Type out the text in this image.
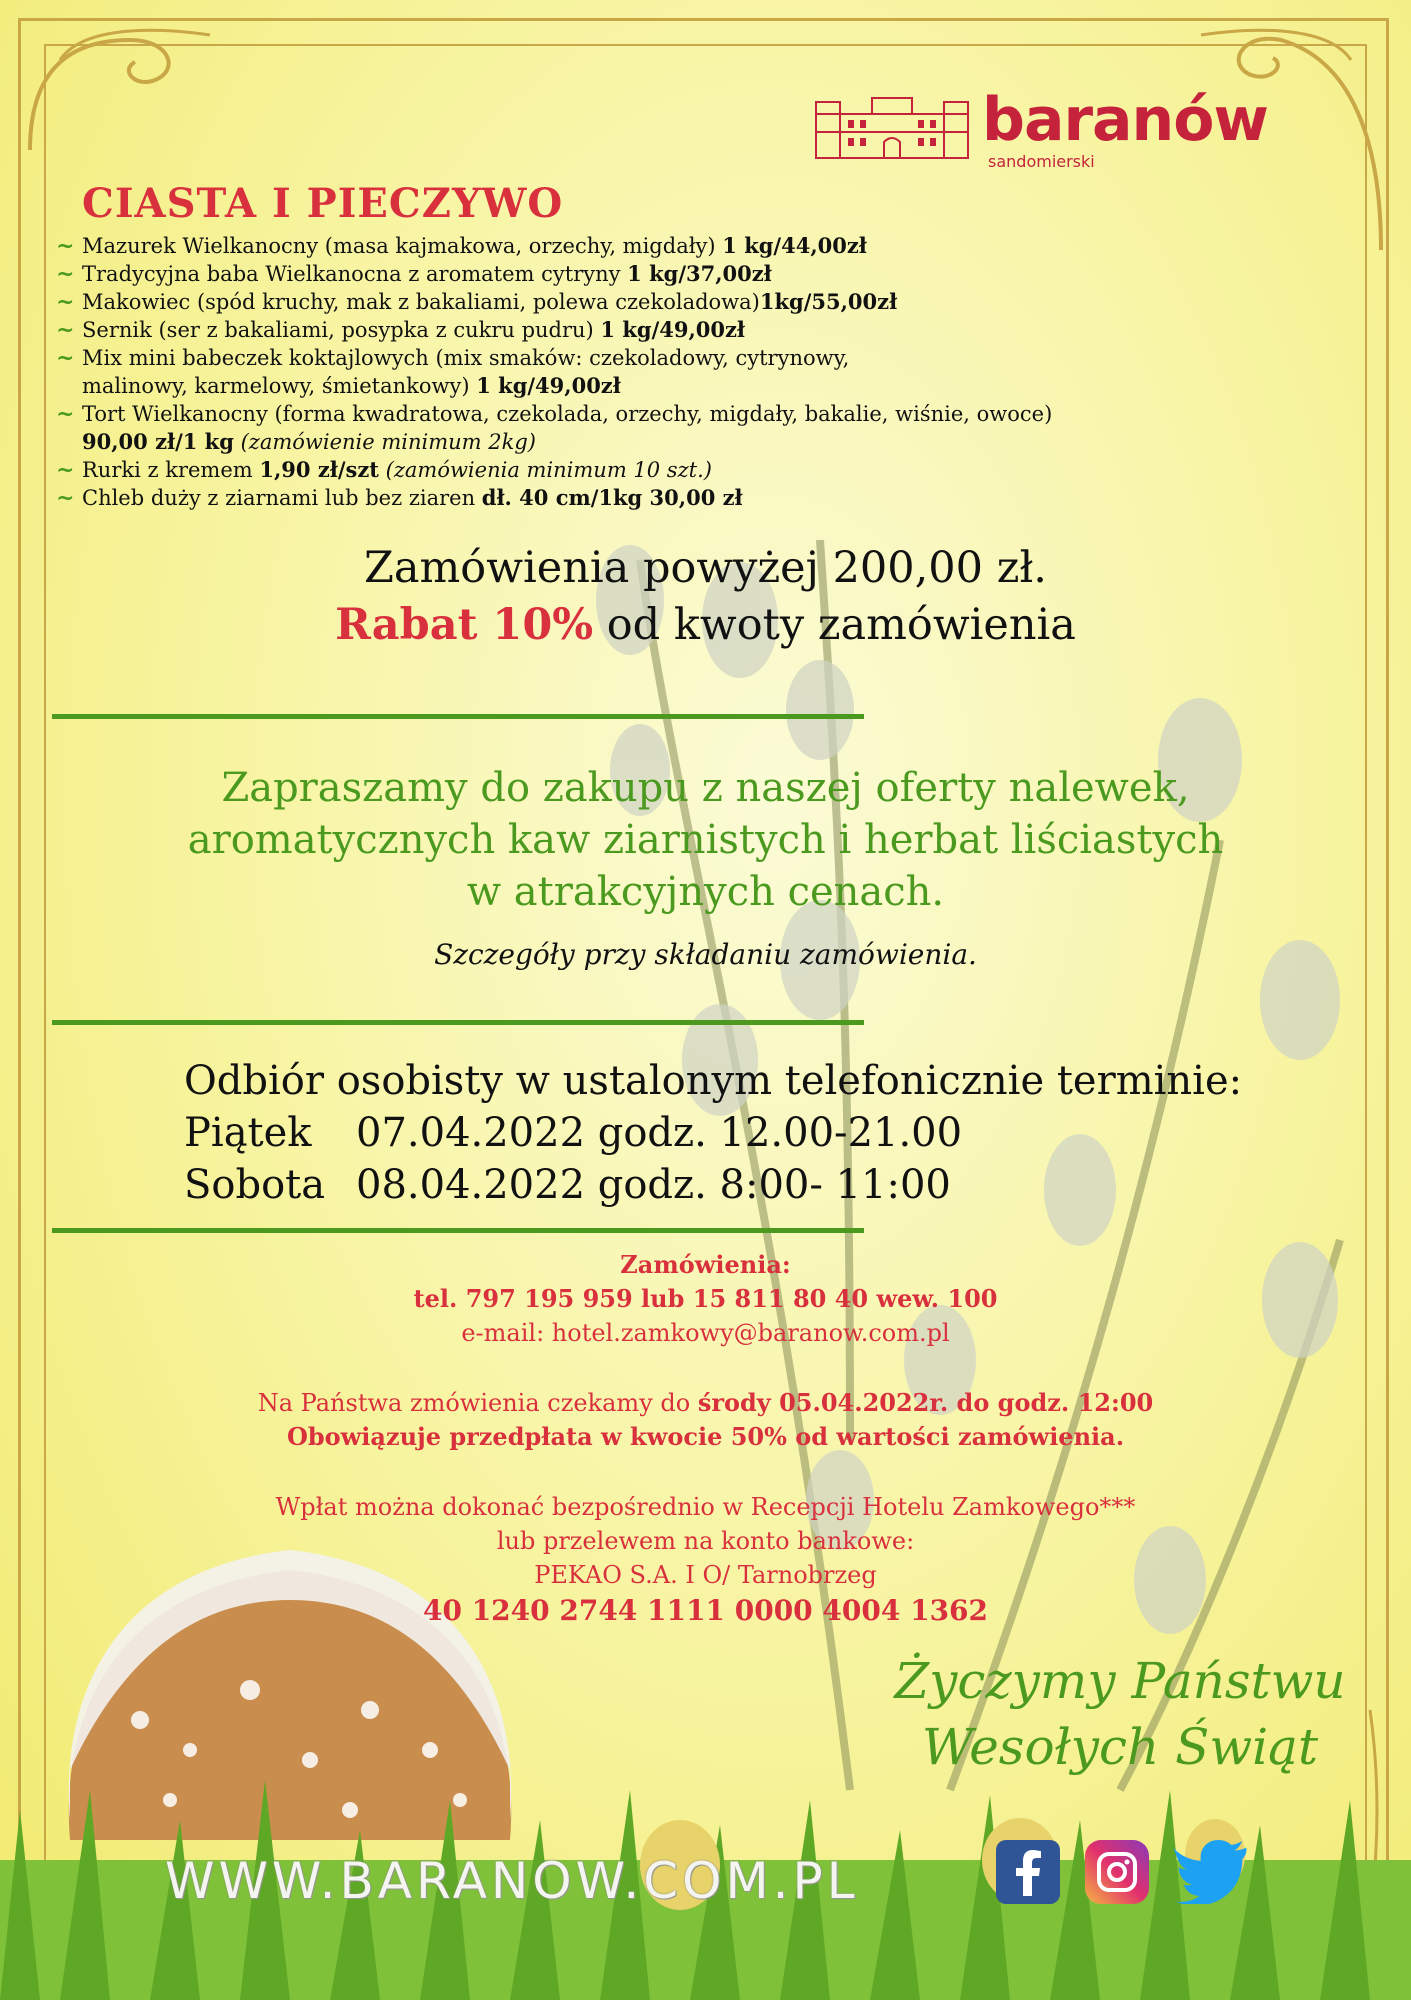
baranów
sandomierski
CIASTA I PIECZYWO
~ Mazurek Wielkanocny (masa kajmakowa, orzechy, migdały) 1 kg/44,00zł
~ Tradycyjna baba Wielkanocna z aromatem cytryny 1 kg/37,00zł
~ Makowiec (spód kruchy, mak z bakaliami, polewa czekoladowa)1kg/55,00zł
~ Sernik (ser z bakaliami, posypka z cukru pudru) 1 kg/49,00zł
~ Mix mini babeczek koktajlowych (mix smaków: czekoladowy, cytrynowy, malinowy, karmelowy, śmietankowy) 1 kg/49,00zł
~ Tort Wielkanocny (forma kwadratowa, czekolada, orzechy, migdały, bakalie, wiśnie, owoce) 90,00 zł/1 kg (zamówienie minimum 2kg)
~ Rurki z kremem 1,90 zł/szt (zamówienia minimum 10 szt.)
~ Chleb duży z ziarnami lub bez ziaren dł. 40 cm/1kg 30,00 zł
Zamówienia powyżej 200,00 zł.
Rabat 10% od kwoty zamówienia
Zapraszamy do zakupu z naszej oferty nalewek,
aromatycznych kaw ziarnistych i herbat liściastych
w atrakcyjnych cenach.
Szczegóły przy składaniu zamówienia.
Odbiór osobisty w ustalonym telefonicznie terminie:
Piątek 07.04.2022 godz. 12.00-21.00
Sobota 08.04.2022 godz. 8:00- 11:00
Zamówienia:
tel. 797 195 959 lub 15 811 80 40 wew. 100
e-mail: hotel.zamkowy@baranow.com.pl
Na Państwa zmówienia czekamy do środy 05.04.2022r. do godz. 12:00
Obowiązuje przedpłata w kwocie 50% od wartości zamówienia.
Wpłat można dokonać bezpośrednio w Recepcji Hotelu Zamkowego***
lub przelewem na konto bankowe:
PEKAO S.A. I O/ Tarnobrzeg
40 1240 2744 1111 0000 4004 1362
Życzymy Państwu
Wesołych Świąt
WWW.BARANOW.COM.PL
